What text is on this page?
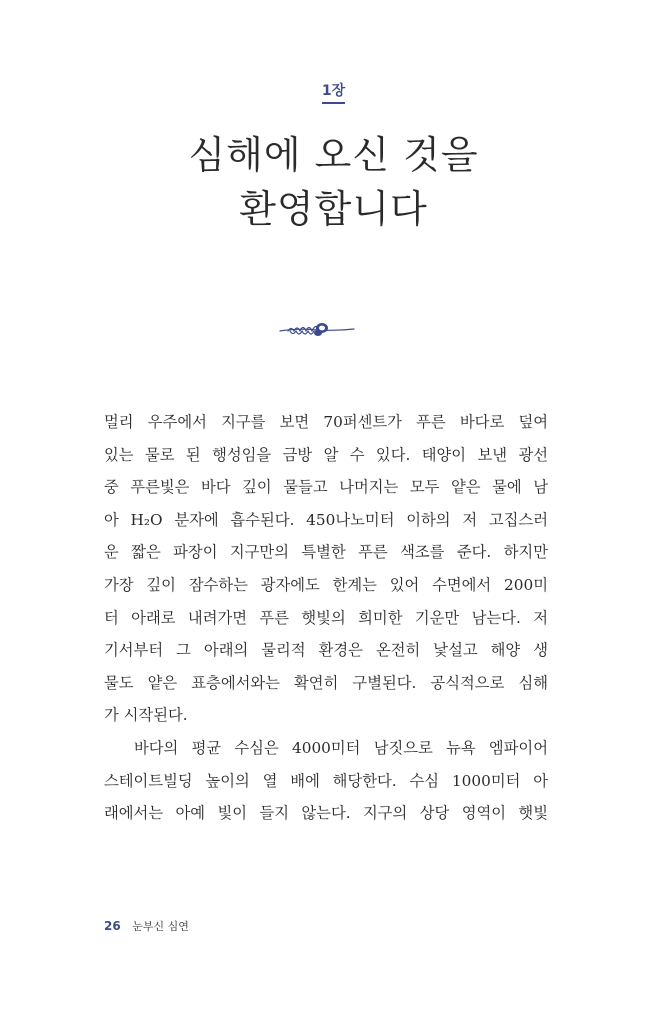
1장
심해에 오신 것을
환영합니다
멀리 우주에서 지구를 보면 70퍼센트가 푸른 바다로 덮여
있는 물로 된 행성임을 금방 알 수 있다. 태양이 보낸 광선
중 푸른빛은 바다 깊이 물들고 나머지는 모두 얕은 물에 남
아 H₂O 분자에 흡수된다. 450나노미터 이하의 저 고집스러
운 짧은 파장이 지구만의 특별한 푸른 색조를 준다. 하지만
가장 깊이 잠수하는 광자에도 한계는 있어 수면에서 200미
터 아래로 내려가면 푸른 햇빛의 희미한 기운만 남는다. 저
기서부터 그 아래의 물리적 환경은 온전히 낯설고 해양 생
물도 얕은 표층에서와는 확연히 구별된다. 공식적으로 심해
가 시작된다.
바다의 평균 수심은 4000미터 남짓으로 뉴욕 엠파이어
스테이트빌딩 높이의 열 배에 해당한다. 수심 1000미터 아
래에서는 아예 빛이 들지 않는다. 지구의 상당 영역이 햇빛
26 눈부신 심연
